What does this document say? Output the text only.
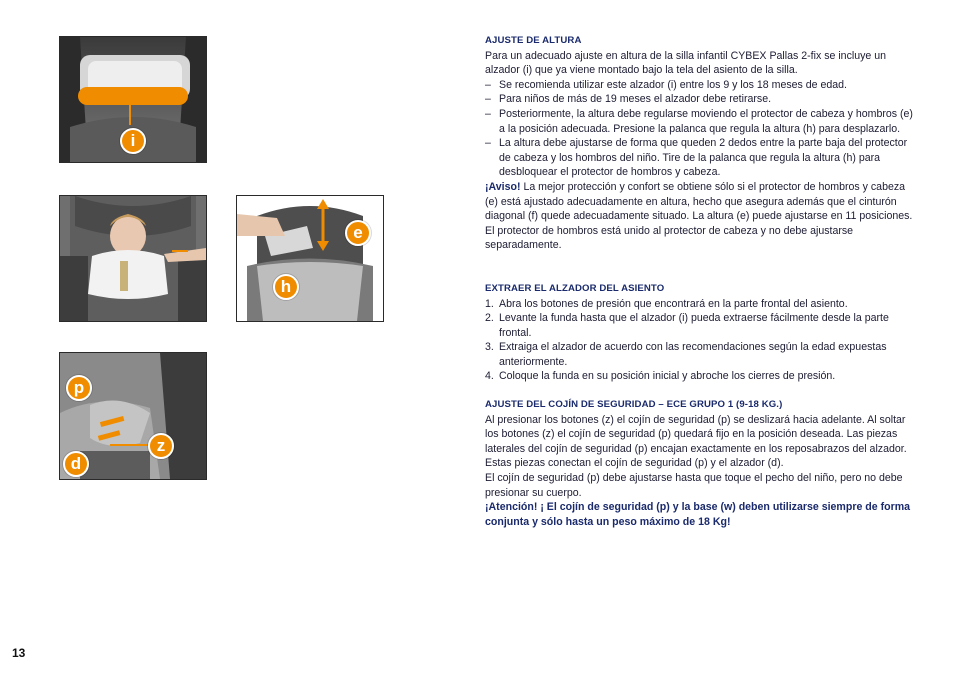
i
e
h
p
z
d
AJUSTE DE ALTURA

Para un adecuado ajuste en altura de la silla infantil CYBEX Pallas 2-fix se incluye un alzador (i) que ya viene montado bajo la tela del asiento de la silla.

– Se recomienda utilizar este alzador (i) entre los 9 y los 18 meses de edad.
– Para niños de más de 19 meses el alzador debe retirarse.
– Posteriormente, la altura debe regularse moviendo el protector de cabeza y hombros (e) a la posición adecuada. Presione la palanca que regula la altura (h) para desplazarlo.
– La altura debe ajustarse de forma que queden 2 dedos entre la parte baja del protector de cabeza y los hombros del niño. Tire de la palanca que regula la altura (h) para desbloquear el protector de hombros y cabeza.

¡Aviso! La mejor protección y confort se obtiene sólo si el protector de hombros y cabeza (e) está ajustado adecuadamente en altura, hecho que asegura además que el cinturón diagonal (f) quede adecuadamente situado. La altura (e) puede ajustarse en 11 posiciones. El protector de hombros está unido al protector de cabeza y no debe ajustarse separadamente.

EXTRAER EL ALZADOR DEL ASIENTO
1. Abra los botones de presión que encontrará en la parte frontal del asiento.
2. Levante la funda hasta que el alzador (i) pueda extraerse fácilmente desde la parte frontal.
3. Extraiga el alzador de acuerdo con las recomendaciones según la edad expuestas anteriormente.
4. Coloque la funda en su posición inicial y abroche los cierres de presión.
AJUSTE DEL COJÍN DE SEGURIDAD – ECE GRUPO 1 (9-18 KG.)

Al presionar los botones (z) el cojín de seguridad (p) se deslizará hacia adelante. Al soltar los botones (z) el cojín de seguridad (p) quedará fijo en la posición deseada. Las piezas laterales del cojín de seguridad (p) encajan exactamente en los reposabrazos del alzador. Estas piezas conectan el cojín de seguridad (p) y el alzador (d).

El cojín de seguridad (p) debe ajustarse hasta que toque el pecho del niño, pero no debe presionar su cuerpo.

¡Atención! ¡ El cojín de seguridad (p) y la base (w) deben utilizarse siempre de forma conjunta y sólo hasta un peso máximo de 18 Kg!

13
